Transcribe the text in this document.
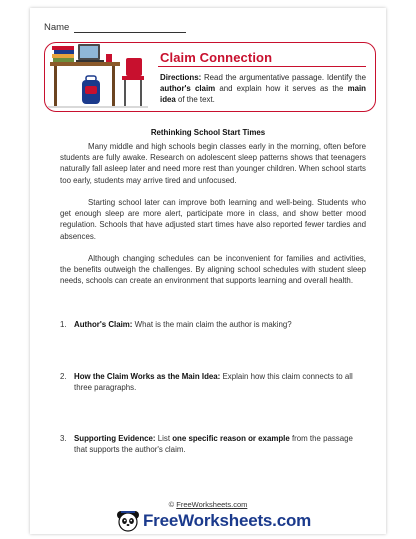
Name
Claim Connection
Directions: Read the argumentative passage. Identify the author's claim and explain how it serves as the main idea of the text.
Rethinking School Start Times

Many middle and high schools begin classes early in the morning, often before students are fully awake. Research on adolescent sleep patterns shows that teenagers naturally fall asleep later and need more rest than younger children. When school starts too early, students may arrive tired and unfocused.

Starting school later can improve both learning and well-being. Students who get enough sleep are more alert, participate more in class, and show better mood regulation. Schools that have adjusted start times have also reported fewer tardies and absences.

Although changing schedules can be inconvenient for families and activities, the benefits outweigh the challenges. By aligning school schedules with student sleep needs, schools can create an environment that supports learning and overall health.

1. Author's Claim: What is the main claim the author is making?
2. How the Claim Works as the Main Idea: Explain how this claim connects to all three paragraphs.
3. Supporting Evidence: List one specific reason or example from the passage that supports the author's claim.
© FreeWorksheets.com
FreeWorksheets.com
